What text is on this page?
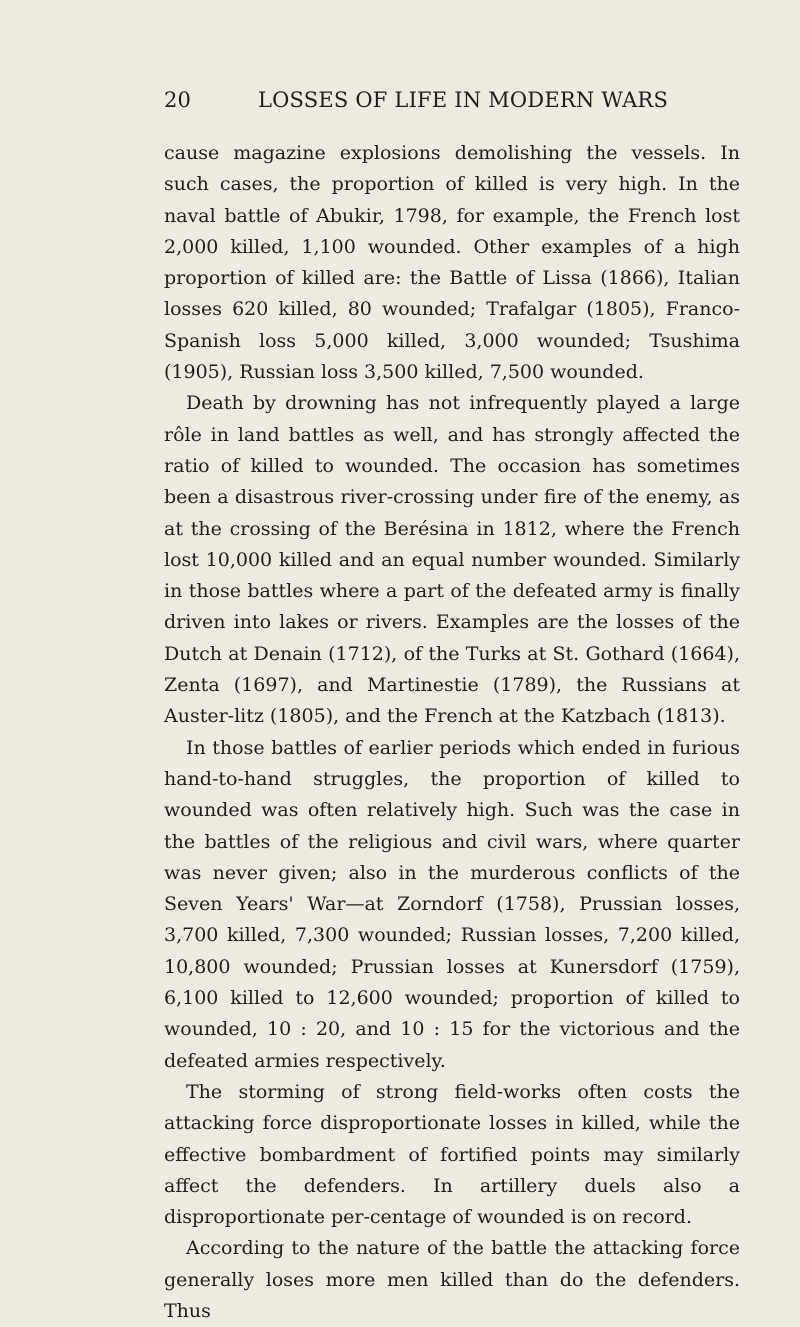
20	LOSSES OF LIFE IN MODERN WARS

cause magazine explosions demolishing the vessels. In such cases, the proportion of killed is very high. In the naval battle of Abukir, 1798, for example, the French lost 2,000 killed, 1,100 wounded. Other examples of a high proportion of killed are: the Battle of Lissa (1866), Italian losses 620 killed, 80 wounded; Trafalgar (1805), Franco-Spanish loss 5,000 killed, 3,000 wounded; Tsushima (1905), Russian loss 3,500 killed, 7,500 wounded.

Death by drowning has not infrequently played a large rôle in land battles as well, and has strongly affected the ratio of killed to wounded. The occasion has sometimes been a disastrous river-crossing under fire of the enemy, as at the crossing of the Berésina in 1812, where the French lost 10,000 killed and an equal number wounded. Similarly in those battles where a part of the defeated army is finally driven into lakes or rivers. Examples are the losses of the Dutch at Denain (1712), of the Turks at St. Gothard (1664), Zenta (1697), and Martinestie (1789), the Russians at Auster-litz (1805), and the French at the Katzbach (1813).

In those battles of earlier periods which ended in furious hand-to-hand struggles, the proportion of killed to wounded was often relatively high. Such was the case in the battles of the religious and civil wars, where quarter was never given; also in the murderous conflicts of the Seven Years' War—at Zorndorf (1758), Prussian losses, 3,700 killed, 7,300 wounded; Russian losses, 7,200 killed, 10,800 wounded; Prussian losses at Kunersdorf (1759), 6,100 killed to 12,600 wounded; proportion of killed to wounded, 10 : 20, and 10 : 15 for the victorious and the defeated armies respectively.

The storming of strong field-works often costs the attacking force disproportionate losses in killed, while the effective bombardment of fortified points may similarly affect the defenders. In artillery duels also a disproportionate per-centage of wounded is on record.

According to the nature of the battle the attacking force generally loses more men killed than do the defenders. Thus
